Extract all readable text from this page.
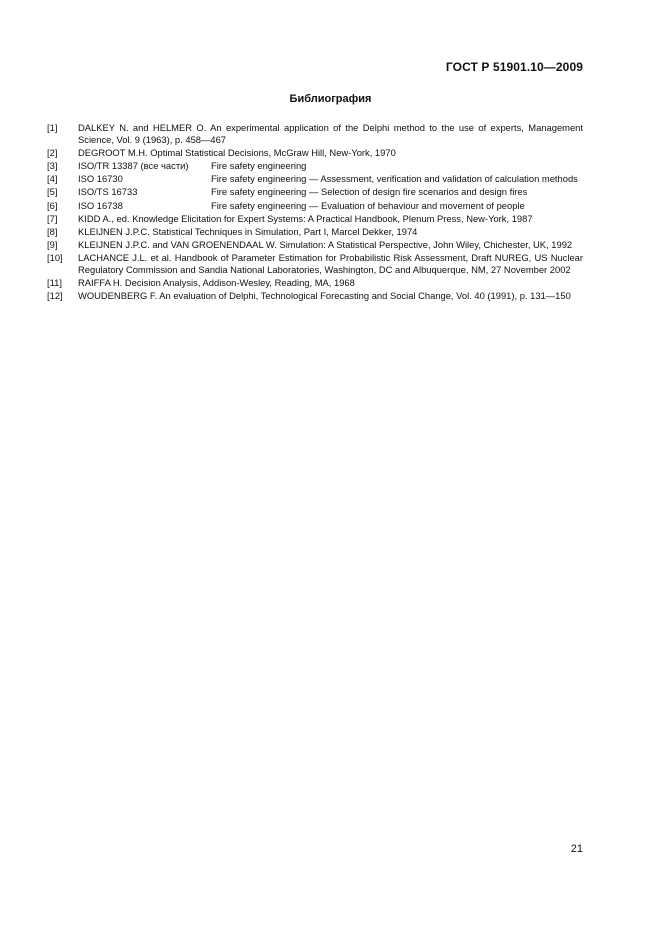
ГОСТ Р 51901.10—2009
Библиография
[1]	DALKEY N. and HELMER O. An experimental application of the Delphi method to the use of experts, Management Science, Vol. 9 (1963), p. 458—467
[2]	DEGROOT M.H. Optimal Statistical Decisions, McGraw Hill, New-York, 1970
[3]	ISO/TR 13387 (все части)	Fire safety engineering
[4]	ISO 16730	Fire safety engineering — Assessment, verification and validation of calculation methods
[5]	ISO/TS 16733	Fire safety engineering — Selection of design fire scenarios and design fires
[6]	ISO 16738	Fire safety engineering — Evaluation of behaviour and movement of people
[7]	KIDD A., ed. Knowledge Elicitation for Expert Systems: A Practical Handbook, Plenum Press, New-York, 1987
[8]	KLEIJNEN J.P.C. Statistical Techniques in Simulation, Part I, Marcel Dekker, 1974
[9]	KLEIJNEN J.P.C. and VAN GROENENDAAL W. Simulation: A Statistical Perspective, John Wiley, Chichester, UK, 1992
[10]	LACHANCE J.L. et al. Handbook of Parameter Estimation for Probabilistic Risk Assessment, Draft NUREG, US Nuclear Regulatory Commission and Sandia National Laboratories, Washington, DC and Albuquerque, NM, 27 November 2002
[11]	RAIFFA H. Decision Analysis, Addison-Wesley, Reading, MA, 1968
[12]	WOUDENBERG F. An evaluation of Delphi, Technological Forecasting and Social Change, Vol. 40 (1991), p. 131—150
21
